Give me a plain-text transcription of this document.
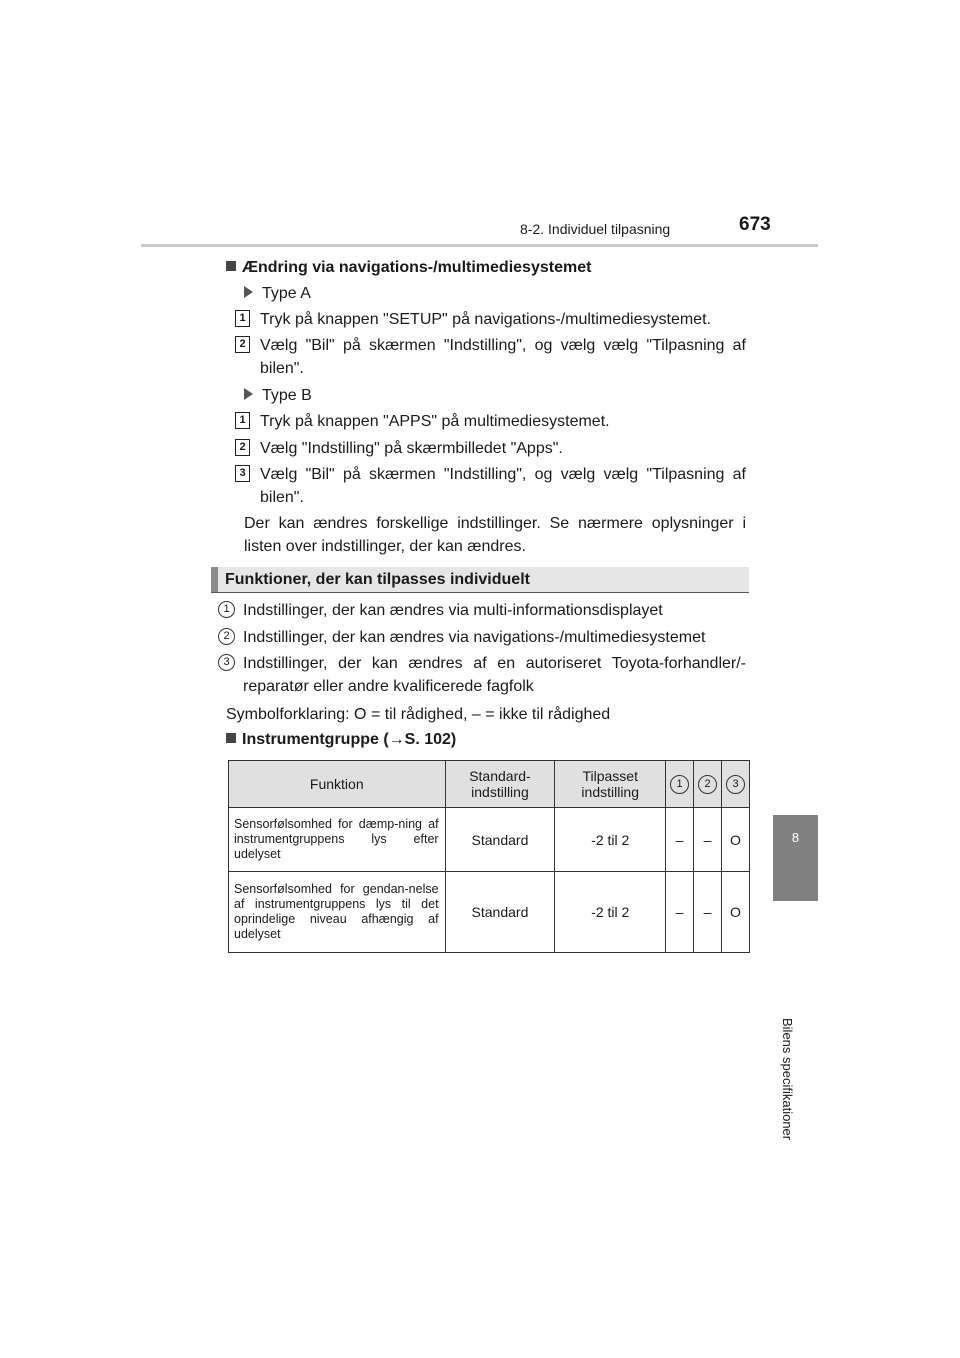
8-2. Individuel tilpasning	673
8
Bilens specifikationer
Ændring via navigations-/multimediesystemet
Type A
1 Tryk på knappen "SETUP" på navigations-/multimediesystemet.
2 Vælg "Bil" på skærmen "Indstilling", og vælg vælg "Tilpasning af bilen".
Type B
1 Tryk på knappen "APPS" på multimediesystemet.
2 Vælg "Indstilling" på skærmbilledet "Apps".
3 Vælg "Bil" på skærmen "Indstilling", og vælg vælg "Tilpasning af bilen".
Der kan ændres forskellige indstillinger. Se nærmere oplysninger i listen over indstillinger, der kan ændres.
Funktioner, der kan tilpasses individuelt
1 Indstillinger, der kan ændres via multi-informationsdisplayet
2 Indstillinger, der kan ændres via navigations-/multimediesystemet
3 Indstillinger, der kan ændres af en autoriseret Toyota-forhandler/-reparatør eller andre kvalificerede fagfolk
Symbolforklaring: O = til rådighed, – = ikke til rådighed
Instrumentgruppe (→S. 102)
Funktion	Standard-indstilling	Tilpasset indstilling	1	2	3
Sensorfølsomhed for dæmp-ning af instrumentgruppens lys efter udelyset	Standard	-2 til 2	–	–	O
Sensorfølsomhed for gendan-nelse af instrumentgruppens lys til det oprindelige niveau afhængig af udelyset	Standard	-2 til 2	–	–	O
